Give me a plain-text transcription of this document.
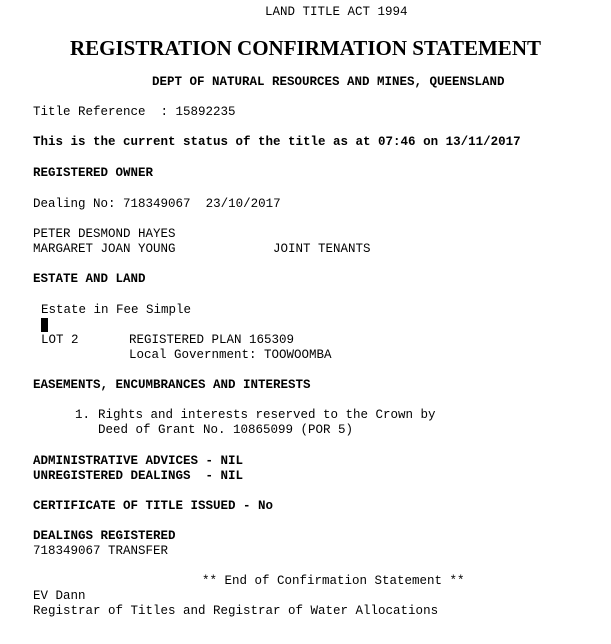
LAND TITLE ACT 1994
REGISTRATION CONFIRMATION STATEMENT
DEPT OF NATURAL RESOURCES AND MINES, QUEENSLAND
Title Reference  : 15892235
This is the current status of the title as at 07:46 on 13/11/2017
REGISTERED OWNER
Dealing No: 718349067 23/10/2017
PETER DESMOND HAYES
MARGARET JOAN YOUNG	JOINT TENANTS
ESTATE AND LAND
Estate in Fee Simple
LOT 2	REGISTERED PLAN 165309
Local Government: TOOWOOMBA
EASEMENTS, ENCUMBRANCES AND INTERESTS
1. Rights and interests reserved to the Crown by
Deed of Grant No. 10865099 (POR 5)
ADMINISTRATIVE ADVICES - NIL
UNREGISTERED DEALINGS  - NIL
CERTIFICATE OF TITLE ISSUED - No
DEALINGS REGISTERED
718349067 TRANSFER
** End of Confirmation Statement **
EV Dann
Registrar of Titles and Registrar of Water Allocations
